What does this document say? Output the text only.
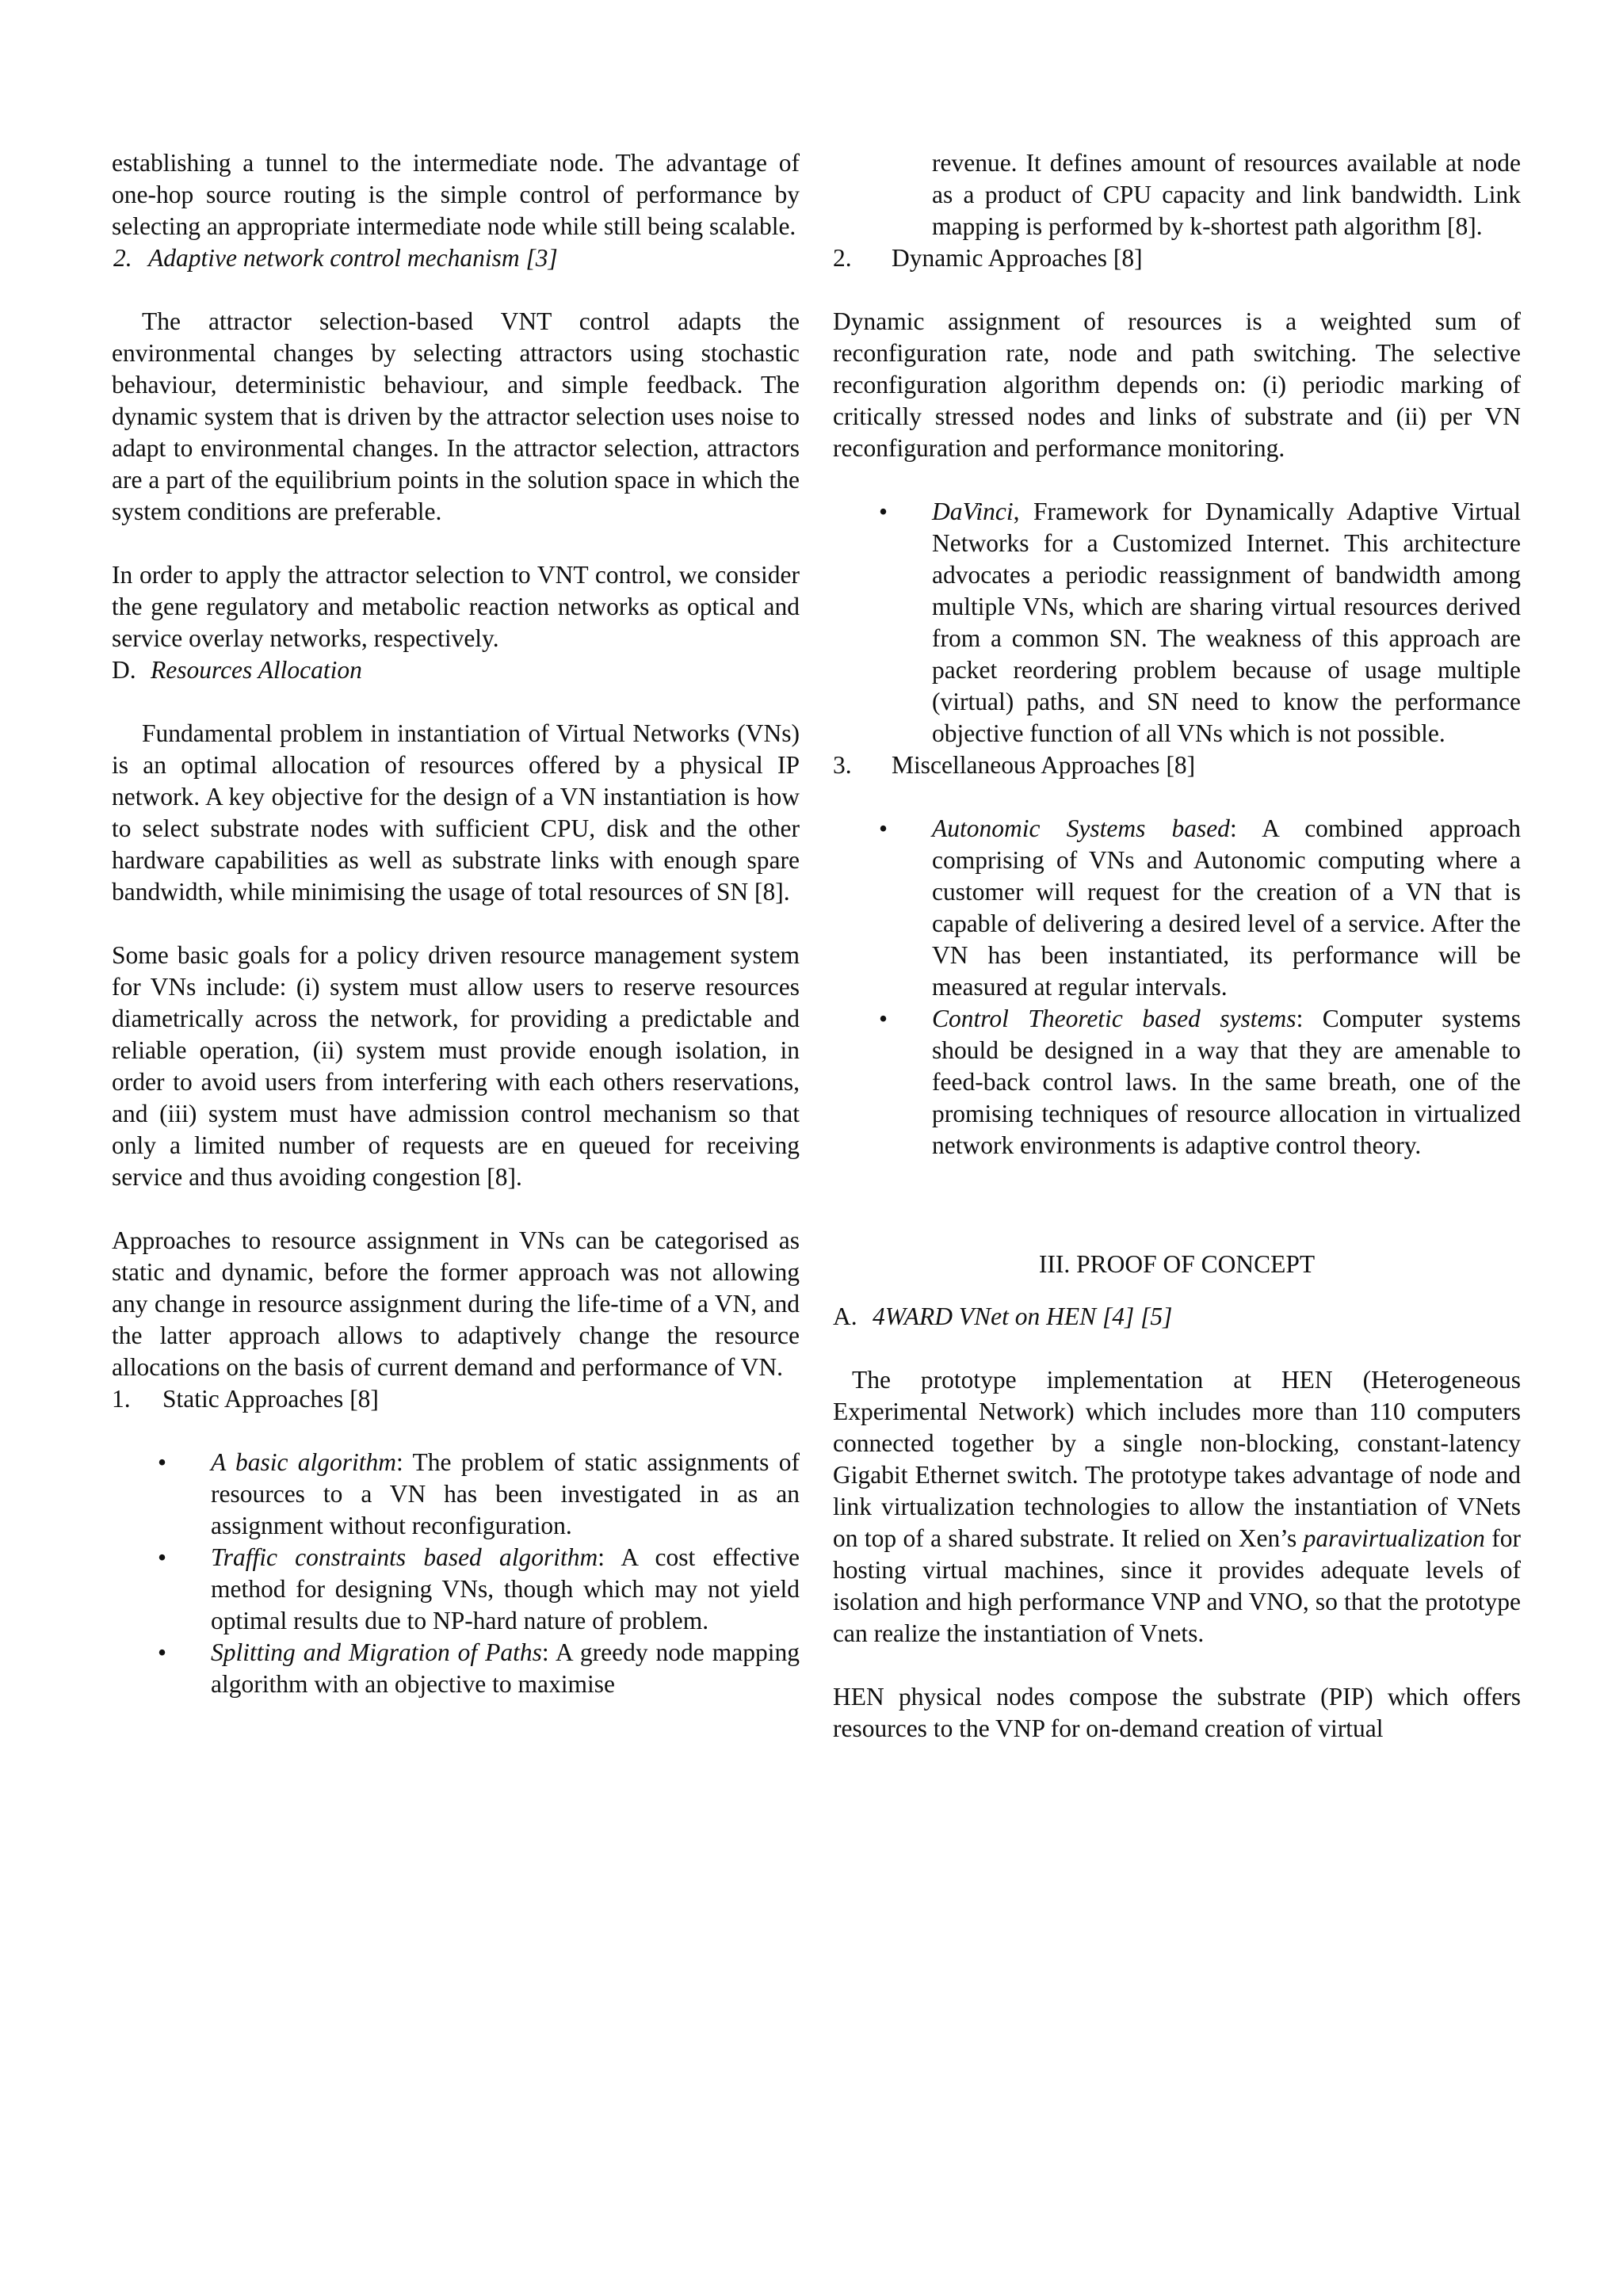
establishing a tunnel to the intermediate node. The advantage of one-hop source routing is the simple control of performance by selecting an appropriate intermediate node while still being scalable.

2. Adaptive network control mechanism [3]

The attractor selection-based VNT control adapts the environmental changes by selecting attractors using stochastic behaviour, deterministic behaviour, and simple feedback. The dynamic system that is driven by the attractor selection uses noise to adapt to environmental changes. In the attractor selection, attractors are a part of the equilibrium points in the solution space in which the system conditions are preferable.

In order to apply the attractor selection to VNT control, we consider the gene regulatory and metabolic reaction networks as optical and service overlay networks, respectively.

D. Resources Allocation

Fundamental problem in instantiation of Virtual Networks (VNs) is an optimal allocation of resources offered by a physical IP network. A key objective for the design of a VN instantiation is how to select substrate nodes with sufficient CPU, disk and the other hardware capabilities as well as substrate links with enough spare bandwidth, while minimising the usage of total resources of SN [8].

Some basic goals for a policy driven resource management system for VNs include: (i) system must allow users to reserve resources diametrically across the network, for providing a predictable and reliable operation, (ii) system must provide enough isolation, in order to avoid users from interfering with each others reservations, and (iii) system must have admission control mechanism so that only a limited number of requests are en queued for receiving service and thus avoiding congestion [8].

Approaches to resource assignment in VNs can be categorised as static and dynamic, before the former approach was not allowing any change in resource assignment during the life-time of a VN, and the latter approach allows to adaptively change the resource allocations on the basis of current demand and performance of VN.

1. Static Approaches [8]

• A basic algorithm: The problem of static assignments of resources to a VN has been investigated in as an assignment without reconfiguration.
• Traffic constraints based algorithm: A cost effective method for designing VNs, though which may not yield optimal results due to NP-hard nature of problem.
• Splitting and Migration of Paths: A greedy node mapping algorithm with an objective to maximise

revenue. It defines amount of resources available at node as a product of CPU capacity and link bandwidth. Link mapping is performed by k-shortest path algorithm [8].

2. Dynamic Approaches [8]

Dynamic assignment of resources is a weighted sum of reconfiguration rate, node and path switching. The selective reconfiguration algorithm depends on: (i) periodic marking of critically stressed nodes and links of substrate and (ii) per VN reconfiguration and performance monitoring.

• DaVinci, Framework for Dynamically Adaptive Virtual Networks for a Customized Internet. This architecture advocates a periodic reassignment of bandwidth among multiple VNs, which are sharing virtual resources derived from a common SN. The weakness of this approach are packet reordering problem because of usage multiple (virtual) paths, and SN need to know the performance objective function of all VNs which is not possible.

3. Miscellaneous Approaches [8]

• Autonomic Systems based: A combined approach comprising of VNs and Autonomic computing where a customer will request for the creation of a VN that is capable of delivering a desired level of a service. After the VN has been instantiated, its performance will be measured at regular intervals.
• Control Theoretic based systems: Computer systems should be designed in a way that they are amenable to feed-back control laws. In the same breath, one of the promising techniques of resource allocation in virtualized network environments is adaptive control theory.

III. PROOF OF CONCEPT

A. 4WARD VNet on HEN [4] [5]

The prototype implementation at HEN (Heterogeneous Experimental Network) which includes more than 110 computers connected together by a single non-blocking, constant-latency Gigabit Ethernet switch. The prototype takes advantage of node and link virtualization technologies to allow the instantiation of VNets on top of a shared substrate. It relied on Xen’s paravirtualization for hosting virtual machines, since it provides adequate levels of isolation and high performance VNP and VNO, so that the prototype can realize the instantiation of Vnets.

HEN physical nodes compose the substrate (PIP) which offers resources to the VNP for on-demand creation of virtual
